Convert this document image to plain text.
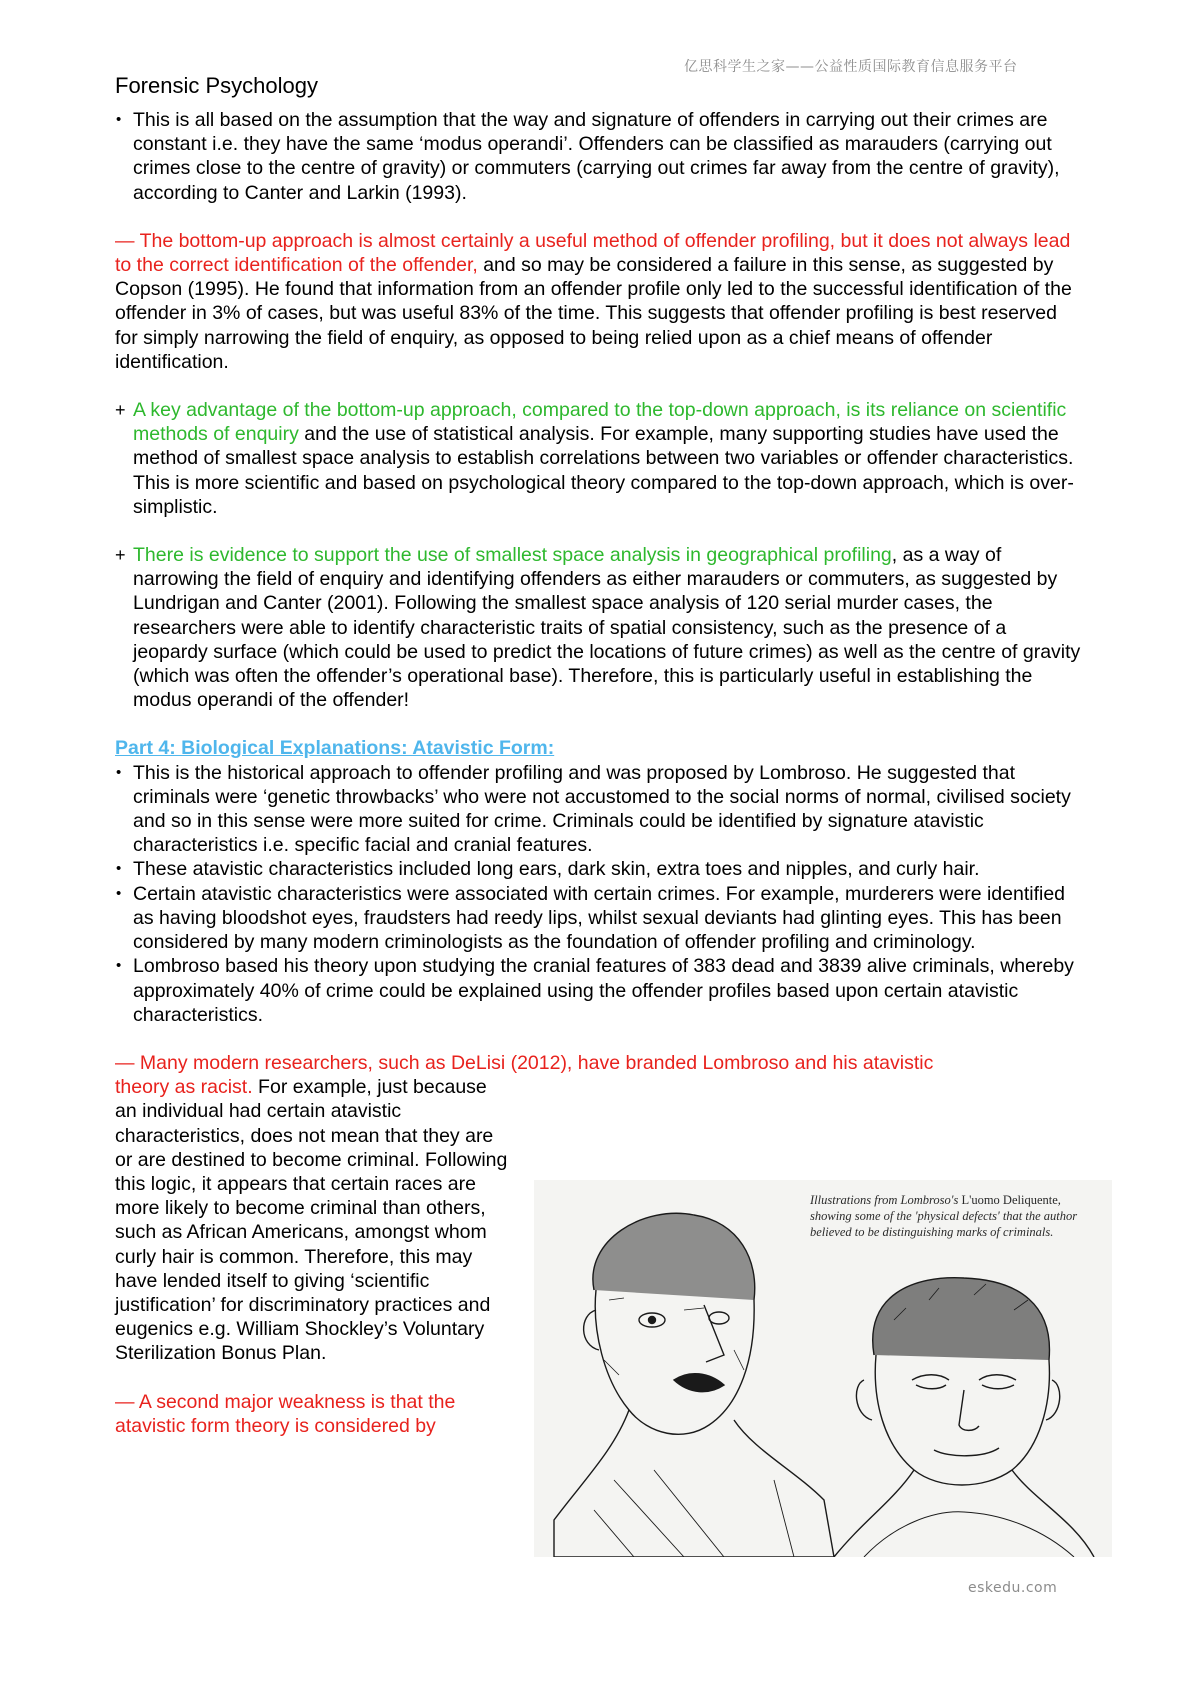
亿思科学生之家——公益性质国际教育信息服务平台
Forensic Psychology
• This is all based on the assumption that the way and signature of offenders in carrying out their crimes are constant i.e. they have the same ‘modus operandi’. Offenders can be classified as marauders (carrying out crimes close to the centre of gravity) or commuters (carrying out crimes far away from the centre of gravity), according to Canter and Larkin (1993).

— The bottom-up approach is almost certainly a useful method of offender profiling, but it does not always lead to the correct identification of the offender, and so may be considered a failure in this sense, as suggested by Copson (1995). He found that information from an offender profile only led to the successful identification of the offender in 3% of cases, but was useful 83% of the time. This suggests that offender profiling is best reserved for simply narrowing the field of enquiry, as opposed to being relied upon as a chief means of offender identification.

+ A key advantage of the bottom-up approach, compared to the top-down approach, is its reliance on scientific methods of enquiry and the use of statistical analysis. For example, many supporting studies have used the method of smallest space analysis to establish correlations between two variables or offender characteristics. This is more scientific and based on psychological theory compared to the top-down approach, which is over-simplistic.

+ There is evidence to support the use of smallest space analysis in geographical profiling, as a way of narrowing the field of enquiry and identifying offenders as either marauders or commuters, as suggested by Lundrigan and Canter (2001). Following the smallest space analysis of 120 serial murder cases, the researchers were able to identify characteristic traits of spatial consistency, such as the presence of a jeopardy surface (which could be used to predict the locations of future crimes) as well as the centre of gravity (which was often the offender’s operational base). Therefore, this is particularly useful in establishing the modus operandi of the offender!

Part 4: Biological Explanations: Atavistic Form:
• This is the historical approach to offender profiling and was proposed by Lombroso. He suggested that criminals were ‘genetic throwbacks’ who were not accustomed to the social norms of normal, civilised society and so in this sense were more suited for crime. Criminals could be identified by signature atavistic characteristics i.e. specific facial and cranial features.
• These atavistic characteristics included long ears, dark skin, extra toes and nipples, and curly hair.
• Certain atavistic characteristics were associated with certain crimes. For example, murderers were identified as having bloodshot eyes, fraudsters had reedy lips, whilst sexual deviants had glinting eyes. This has been considered by many modern criminologists as the foundation of offender profiling and criminology.
• Lombroso based his theory upon studying the cranial features of 383 dead and 3839 alive criminals, whereby approximately 40% of crime could be explained using the offender profiles based upon certain atavistic characteristics.

— Many modern researchers, such as DeLisi (2012), have branded Lombroso and his atavistic

theory as racist. For example, just because an individual had certain atavistic characteristics, does not mean that they are or are destined to become criminal. Following this logic, it appears that certain races are more likely to become criminal than others, such as African Americans, amongst whom curly hair is common. Therefore, this may have lended itself to giving ‘scientific justification’ for discriminatory practices and eugenics e.g. William Shockley’s Voluntary Sterilization Bonus Plan.

— A second major weakness is that the atavistic form theory is considered by

Illustrations from Lombroso's L'uomo Deliquente, showing some of the 'physical defects' that the author believed to be distinguishing marks of criminals.
eskedu.com
